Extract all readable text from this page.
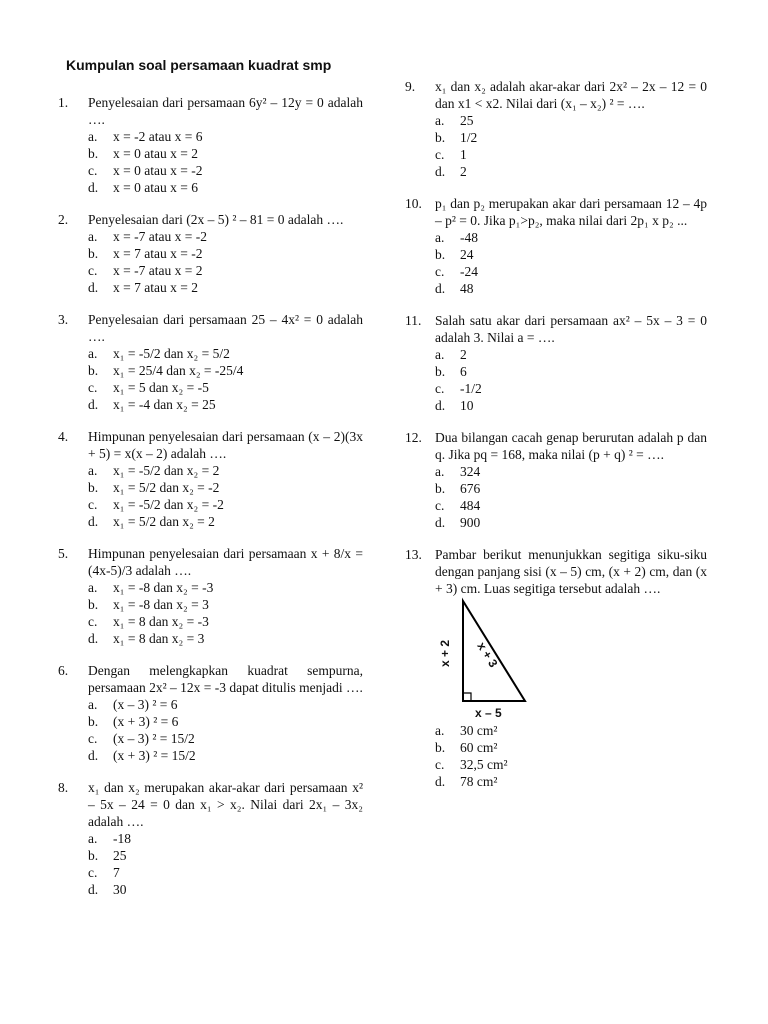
Kumpulan soal persamaan kuadrat smp
1.	Penyelesaian dari persamaan 6y² – 12y = 0 adalah ….
a.	x = -2 atau x = 6
b.	x = 0 atau x = 2
c.	x = 0 atau x = -2
d.	x = 0 atau x = 6
2.	Penyelesaian dari (2x – 5) ² – 81 = 0 adalah ….
a.	x = -7 atau x = -2
b.	x = 7 atau x = -2
c.	x = -7 atau x = 2
d.	x = 7 atau x = 2
3.	Penyelesaian dari persamaan 25 – 4x² = 0 adalah ….
a.	x₁ = -5/2 dan x₂ = 5/2
b.	x₁ = 25/4 dan x₂ = -25/4
c.	x₁ = 5 dan x₂ = -5
d.	x₁ = -4 dan x₂ = 25
4.	Himpunan penyelesaian dari persamaan (x – 2)(3x + 5) = x(x – 2) adalah ….
a.	x₁ = -5/2 dan x₂ = 2
b.	x₁ = 5/2 dan x₂ = -2
c.	x₁ = -5/2 dan x₂ = -2
d.	x₁ = 5/2 dan x₂ = 2
5.	Himpunan penyelesaian dari persamaan x + 8/x = (4x-5)/3 adalah ….
a.	x₁ = -8 dan x₂ = -3
b.	x₁ = -8 dan x₂ = 3
c.	x₁ = 8 dan x₂ = -3
d.	x₁ = 8 dan x₂ = 3
6.	Dengan melengkapkan kuadrat sempurna, persamaan 2x² – 12x = -3 dapat ditulis menjadi ….
a.	(x – 3) ² = 6
b.	(x + 3) ² = 6
c.	(x – 3) ² = 15/2
d.	(x + 3) ² = 15/2
8.	x₁ dan x₂ merupakan akar-akar dari persamaan x² – 5x – 24 = 0 dan x₁ > x₂. Nilai dari 2x₁ – 3x₂ adalah ….
a.	-18
b.	25
c.	7
d.	30
9.	x₁ dan x₂ adalah akar-akar dari 2x² – 2x – 12 = 0 dan x1 < x2. Nilai dari (x₁ – x₂) ² = ….
a.	25
b.	1/2
c.	1
d.	2
10. p₁ dan p₂ merupakan akar dari persamaan 12 – 4p – p² = 0. Jika p₁>p₂, maka nilai dari 2p₁ x p₂ ...
a.	-48
b.	24
c.	-24
d.	48
11.	Salah satu akar dari persamaan ax² – 5x – 3 = 0 adalah 3. Nilai a = ….
a.	2
b.	6
c.	-1/2
d.	10
12. Dua bilangan cacah genap berurutan adalah p dan q. Jika pq = 168, maka nilai (p + q) ² = ….
a.	324
b.	676
c.	484
d.	900
13. Pambar berikut menunjukkan segitiga siku-siku dengan panjang sisi (x – 5) cm, (x + 2) cm, dan (x + 3) cm. Luas segitiga tersebut adalah ….
x + 2 x + 3
x – 5
a.	30 cm²
b.	60 cm²
c.	32,5 cm²
d.	78 cm²
